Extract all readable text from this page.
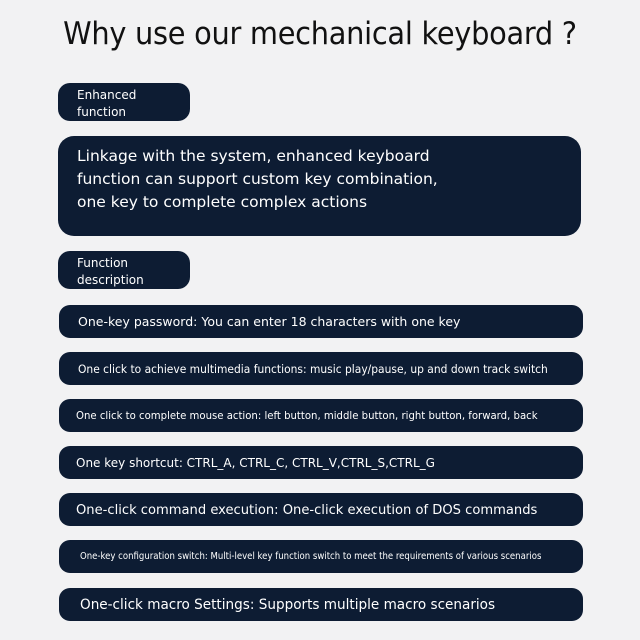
Why use our mechanical keyboard ?
Enhanced
function
Linkage with the system, enhanced keyboard
function can support custom key combination,
one key to complete complex actions
Function
description
One-key password: You can enter 18 characters with one key
One click to achieve multimedia functions: music play/pause, up and down track switch
One click to complete mouse action: left button, middle button, right button, forward, back
One key shortcut: CTRL_A, CTRL_C, CTRL_V,CTRL_S,CTRL_G
One-click command execution: One-click execution of DOS commands
One-key configuration switch: Multi-level key function switch to meet the requirements of various scenarios
One-click macro Settings: Supports multiple macro scenarios
